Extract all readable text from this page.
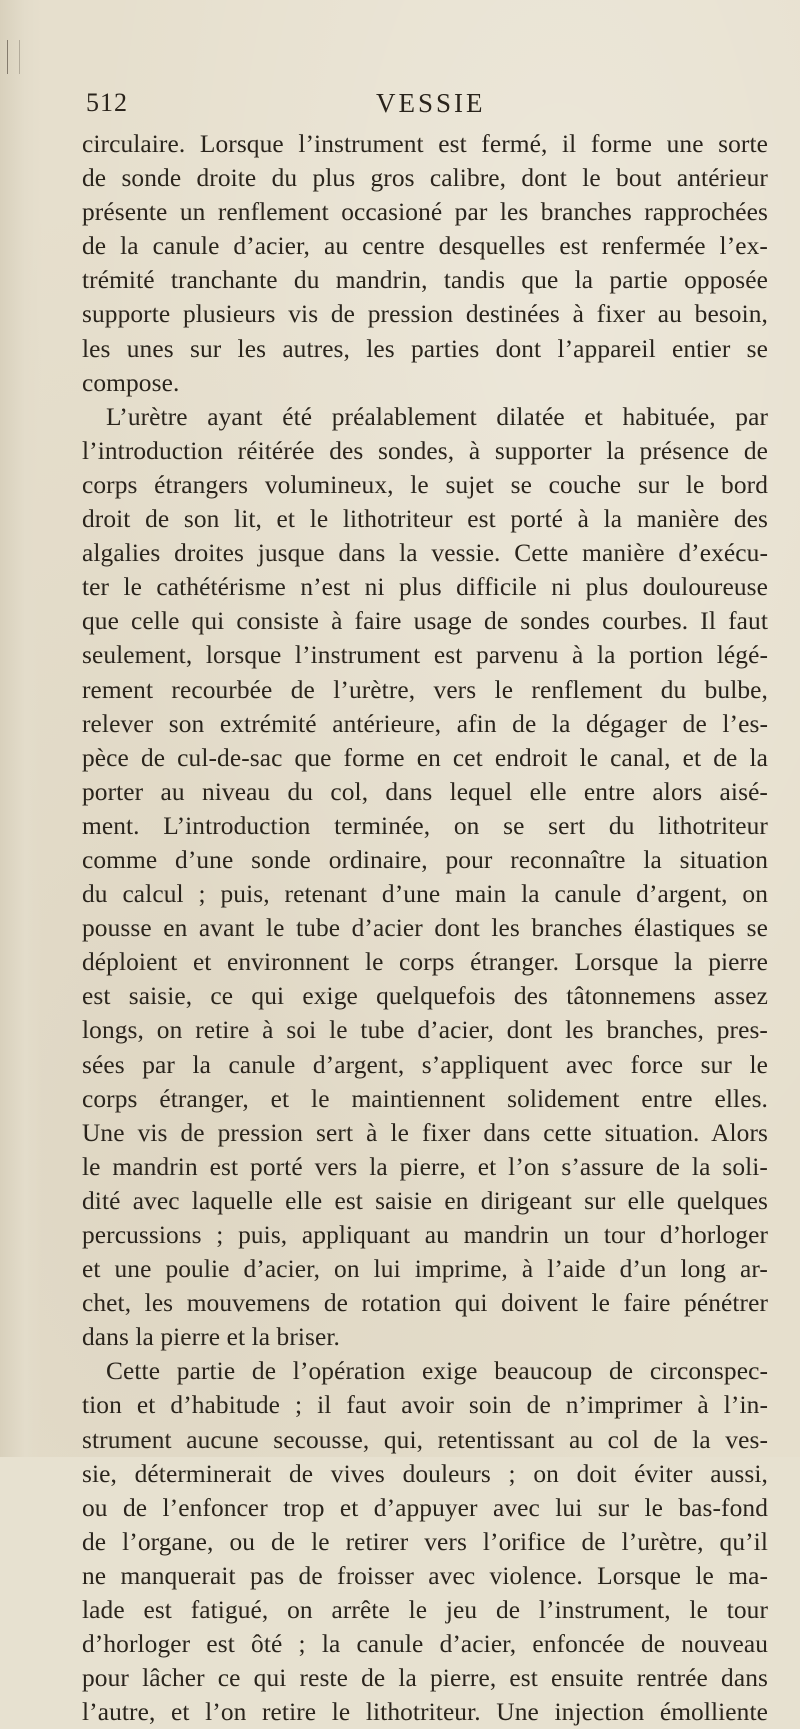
512	VESSIE
circulaire. Lorsque l’instrument est fermé, il forme une sorte
de sonde droite du plus gros calibre, dont le bout antérieur
présente un renflement occasioné par les branches rapprochées
de la canule d’acier, au centre desquelles est renfermée l’ex-
trémité tranchante du mandrin, tandis que la partie opposée
supporte plusieurs vis de pression destinées à fixer au besoin,
les unes sur les autres, les parties dont l’appareil entier se
compose.
L’urètre ayant été préalablement dilatée et habituée, par
l’introduction réitérée des sondes, à supporter la présence de
corps étrangers volumineux, le sujet se couche sur le bord
droit de son lit, et le lithotriteur est porté à la manière des
algalies droites jusque dans la vessie. Cette manière d’exécu-
ter le cathétérisme n’est ni plus difficile ni plus douloureuse
que celle qui consiste à faire usage de sondes courbes. Il faut
seulement, lorsque l’instrument est parvenu à la portion légé-
rement recourbée de l’urètre, vers le renflement du bulbe,
relever son extrémité antérieure, afin de la dégager de l’es-
pèce de cul-de-sac que forme en cet endroit le canal, et de la
porter au niveau du col, dans lequel elle entre alors aisé-
ment. L’introduction terminée, on se sert du lithotriteur
comme d’une sonde ordinaire, pour reconnaître la situation
du calcul ; puis, retenant d’une main la canule d’argent, on
pousse en avant le tube d’acier dont les branches élastiques se
déploient et environnent le corps étranger. Lorsque la pierre
est saisie, ce qui exige quelquefois des tâtonnemens assez
longs, on retire à soi le tube d’acier, dont les branches, pres-
sées par la canule d’argent, s’appliquent avec force sur le
corps étranger, et le maintiennent solidement entre elles.
Une vis de pression sert à le fixer dans cette situation. Alors
le mandrin est porté vers la pierre, et l’on s’assure de la soli-
dité avec laquelle elle est saisie en dirigeant sur elle quelques
percussions ; puis, appliquant au mandrin un tour d’horloger
et une poulie d’acier, on lui imprime, à l’aide d’un long ar-
chet, les mouvemens de rotation qui doivent le faire pénétrer
dans la pierre et la briser.
Cette partie de l’opération exige beaucoup de circonspec-
tion et d’habitude ; il faut avoir soin de n’imprimer à l’in-
strument aucune secousse, qui, retentissant au col de la ves-
sie, déterminerait de vives douleurs ; on doit éviter aussi,
ou de l’enfoncer trop et d’appuyer avec lui sur le bas-fond
de l’organe, ou de le retirer vers l’orifice de l’urètre, qu’il
ne manquerait pas de froisser avec violence. Lorsque le ma-
lade est fatigué, on arrête le jeu de l’instrument, le tour
d’horloger est ôté ; la canule d’acier, enfoncée de nouveau
pour lâcher ce qui reste de la pierre, est ensuite rentrée dans
l’autre, et l’on retire le lithotriteur. Une injection émolliente
